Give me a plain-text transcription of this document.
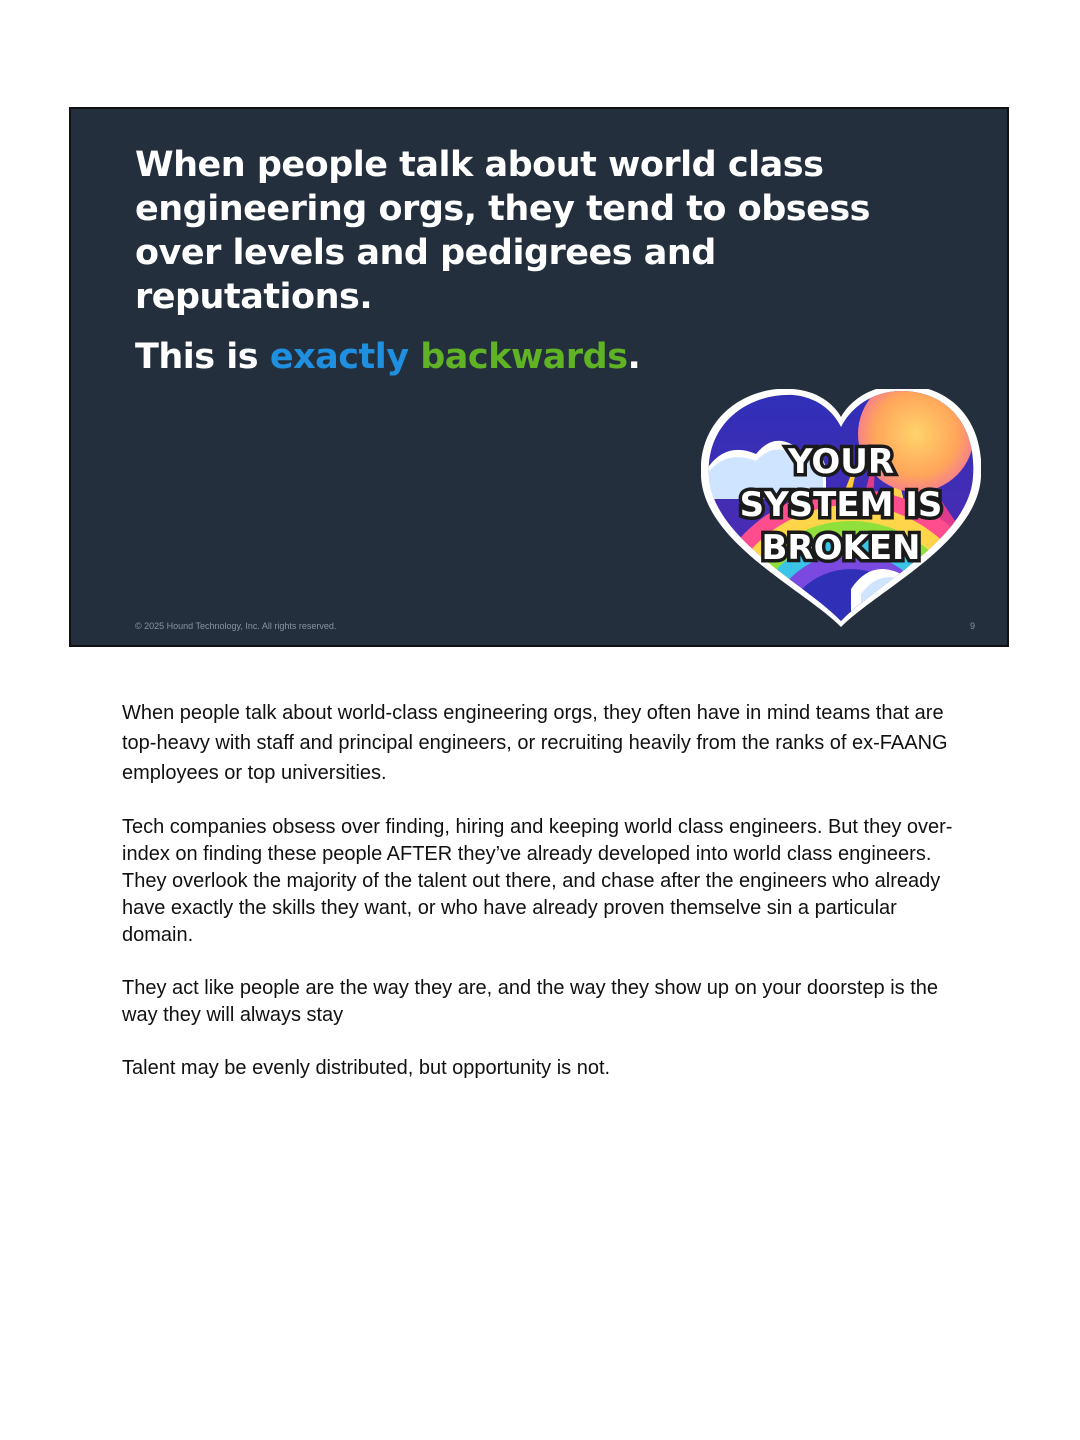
When people talk about world class engineering orgs, they tend to obsess over levels and pedigrees and reputations.

This is exactly backwards.

YOUR
SYSTEM IS
BROKEN
© 2025 Hound Technology, Inc. All rights reserved.	9

When people talk about world-class engineering orgs, they often have in mind teams that are top-heavy with staff and principal engineers, or recruiting heavily from the ranks of ex-FAANG employees or top universities.

Tech companies obsess over finding, hiring and keeping world class engineers. But they over-index on finding these people AFTER they’ve already developed into world class engineers. They overlook the majority of the talent out there, and chase after the engineers who already have exactly the skills they want, or who have already proven themselve sin a particular domain.

They act like people are the way they are, and the way they show up on your doorstep is the way they will always stay

Talent may be evenly distributed, but opportunity is not.
